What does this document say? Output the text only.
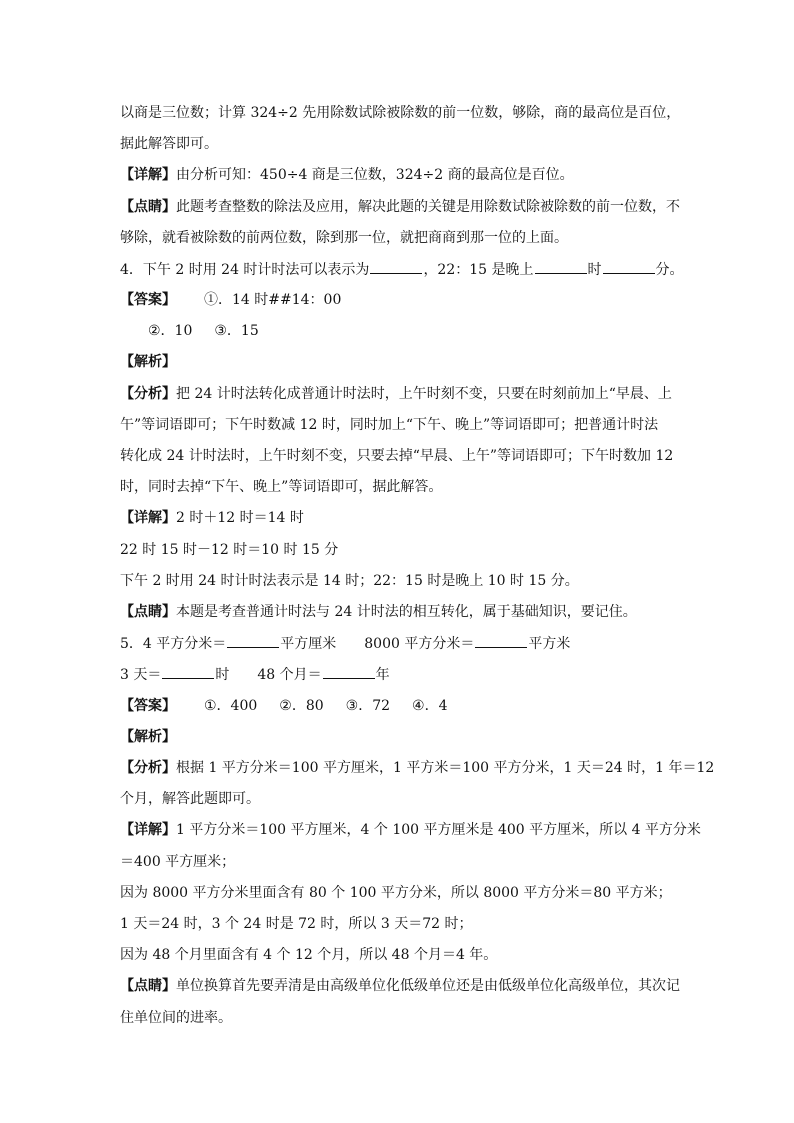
以商是三位数；计算 324÷2 先用除数试除被除数的前一位数，够除，商的最高位是百位，
据此解答即可。
【详解】由分析可知：450÷4 商是三位数，324÷2 商的最高位是百位。
【点睛】此题考查整数的除法及应用，解决此题的关键是用除数试除被除数的前一位数，不
够除，就看被除数的前两位数，除到那一位，就把商商到那一位的上面。
4．下午 2 时用 24 时计时法可以表示为	，22：15 是晚上	时	分。
【答案】 ①．14 时##14：00
②．10 ③．15
【解析】
【分析】把 24 计时法转化成普通计时法时，上午时刻不变，只要在时刻前加上“早晨、上
午”等词语即可；下午时数减 12 时，同时加上“下午、晚上”等词语即可；把普通计时法
转化成 24 计时法时，上午时刻不变，只要去掉“早晨、上午”等词语即可；下午时数加 12
时，同时去掉“下午、晚上”等词语即可，据此解答。
【详解】2 时＋12 时＝14 时
22 时 15 时－12 时＝10 时 15 分
下午 2 时用 24 时计时法表示是 14 时；22：15 时是晚上 10 时 15 分。
【点睛】本题是考查普通计时法与 24 计时法的相互转化，属于基础知识，要记住。
5．4 平方分米＝	平方厘米 8000 平方分米＝	平方米
3 天＝	时 48 个月＝	年
【答案】 ①．400 ②．80 ③．72 ④．4
【解析】
【分析】根据 1 平方分米＝100 平方厘米，1 平方米＝100 平方分米，1 天＝24 时，1 年＝12
个月，解答此题即可。
【详解】1 平方分米＝100 平方厘米，4 个 100 平方厘米是 400 平方厘米，所以 4 平方分米
＝400 平方厘米；
因为 8000 平方分米里面含有 80 个 100 平方分米，所以 8000 平方分米＝80 平方米；
1 天＝24 时，3 个 24 时是 72 时，所以 3 天＝72 时；
因为 48 个月里面含有 4 个 12 个月，所以 48 个月＝4 年。
【点睛】单位换算首先要弄清是由高级单位化低级单位还是由低级单位化高级单位，其次记
住单位间的进率。
